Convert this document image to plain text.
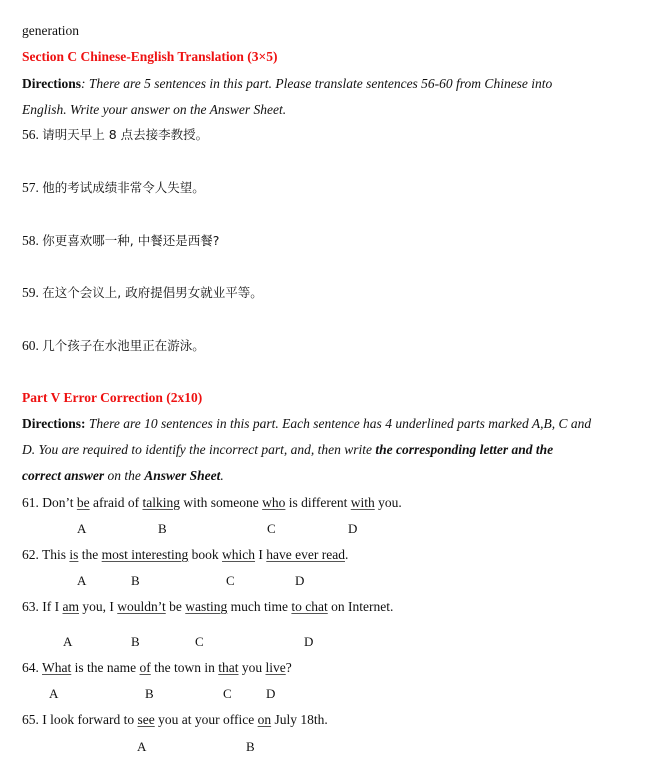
generation
Section C Chinese-English Translation (3×5)
Directions: There are 5 sentences in this part. Please translate sentences 56-60 from Chinese into
English. Write your answer on the Answer Sheet.
56. 请明天早上 8 点去接李教授。
57. 他的考试成绩非常令人失望。
58. 你更喜欢哪一种, 中餐还是西餐?
59. 在这个会议上, 政府提倡男女就业平等。
60. 几个孩子在水池里正在游泳。
Part V Error Correction (2x10)
Directions: There are 10 sentences in this part. Each sentence has 4 underlined parts marked A,B, C and
D. You are required to identify the incorrect part, and, then write the corresponding letter and the
correct answer on the Answer Sheet.
61. Don’t be afraid of talking with someone who is different with you.
A	B	C	D
62. This is the most interesting book which I have ever read.
A	B	C	D
63. If I am you, I wouldn’t be wasting much time to chat on Internet.
A	B	C	D
64. What is the name of the town in that you live?
A	B	C	D
65. I look forward to see you at your office on July 18th.
A	B
